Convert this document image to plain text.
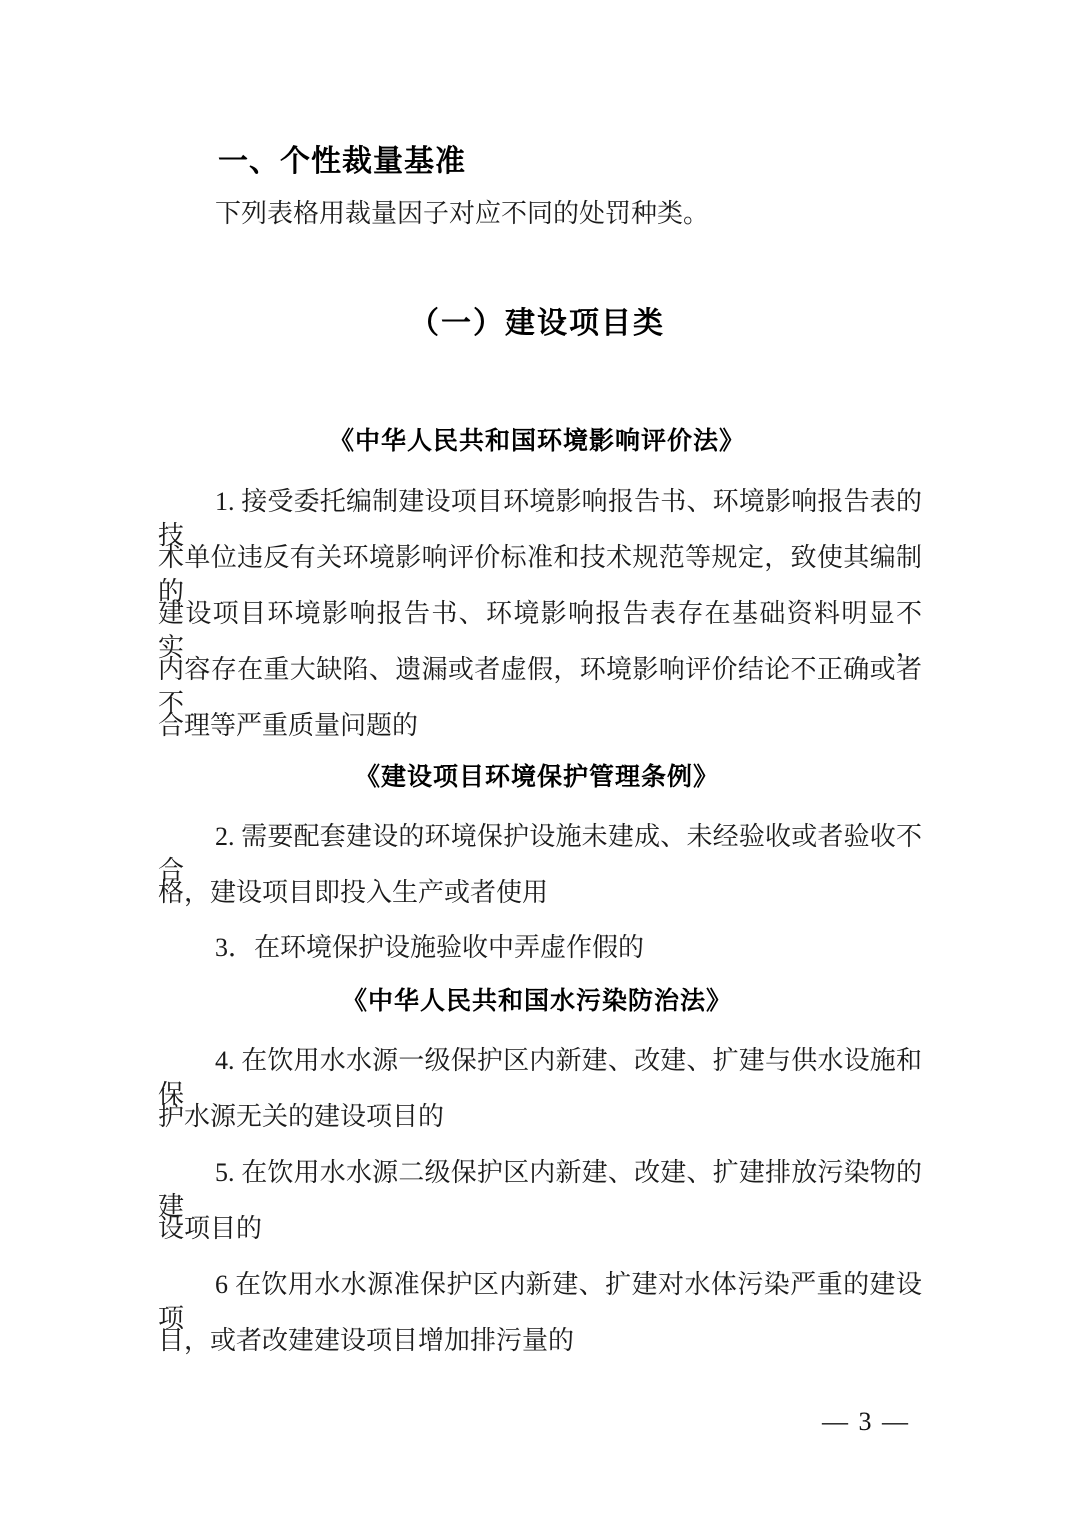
一、个性裁量基准

下列表格用裁量因子对应不同的处罚种类。

（一）建设项目类

《中华人民共和国环境影响评价法》

1. 接受委托编制建设项目环境影响报告书、环境影响报告表的技

术单位违反有关环境影响评价标准和技术规范等规定，致使其编制的

建设项目环境影响报告书、环境影响报告表存在基础资料明显不实，

内容存在重大缺陷、遗漏或者虚假，环境影响评价结论不正确或者不

合理等严重质量问题的

《建设项目环境保护管理条例》

2. 需要配套建设的环境保护设施未建成、未经验收或者验收不合

格，建设项目即投入生产或者使用

3．在环境保护设施验收中弄虚作假的

《中华人民共和国水污染防治法》

4. 在饮用水水源一级保护区内新建、改建、扩建与供水设施和保

护水源无关的建设项目的

5. 在饮用水水源二级保护区内新建、改建、扩建排放污染物的建

设项目的

6 在饮用水水源准保护区内新建、扩建对水体污染严重的建设项

目，或者改建建设项目增加排污量的

— 3 —
